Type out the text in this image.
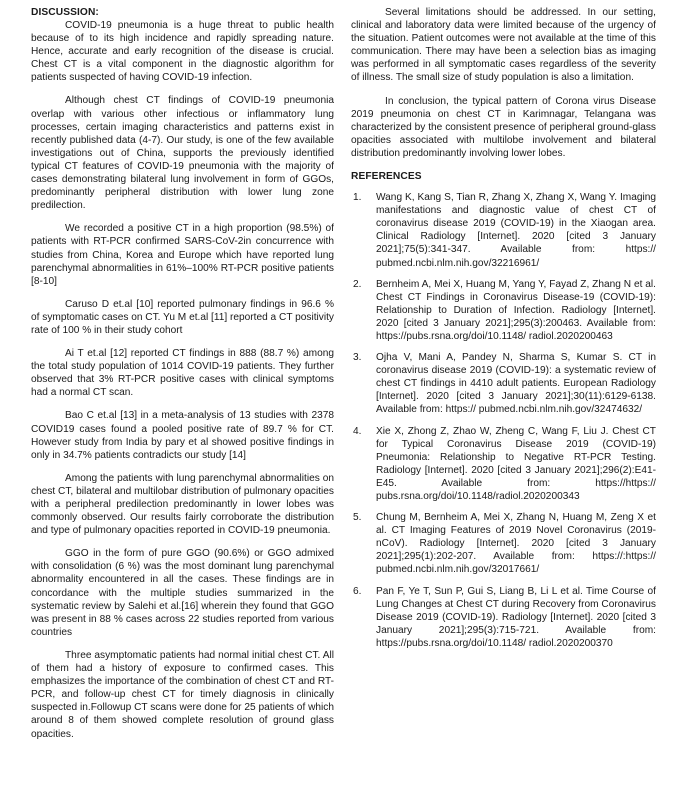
DISCUSSION:

COVID-19 pneumonia is a huge threat to public health because of to its high incidence and rapidly spreading nature. Hence, accurate and early recognition of the disease is crucial. Chest CT is a vital component in the diagnostic algorithm for patients suspected of having COVID-19 infection.

Although chest CT findings of COVID-19 pneumonia overlap with various other infectious or inflammatory lung processes, certain imaging characteristics and patterns exist in recently published data (4-7). Our study, is one of the few available investigations out of China, supports the previously identified typical CT features of COVID-19 pneumonia with the majority of cases demonstrating bilateral lung involvement in form of GGOs, predominantly peripheral distribution with lower lung zone predilection.

We recorded a positive CT in a high proportion (98.5%) of patients with RT-PCR confirmed SARS-CoV-2in concurrence with studies from China, Korea and Europe which have reported lung parenchymal abnormalities in 61%–100% RT-PCR positive patients [8-10]

Caruso D et.al [10] reported pulmonary findings in 96.6 % of symptomatic cases on CT. Yu M et.al [11] reported a CT positivity rate of 100 % in their study cohort

Ai T et.al [12] reported CT findings in 888 (88.7 %) among the total study population of 1014 COVID-19 patients. They further observed that 3% RT-PCR positive cases with clinical symptoms had a normal CT scan.

Bao C et.al [13] in a meta-analysis of 13 studies with 2378 COVID19 cases found a pooled positive rate of 89.7 % for CT. However study from India by pary et al showed positive findings in only in 34.7% patients contradicts our study [14]

Among the patients with lung parenchymal abnormalities on chest CT, bilateral and multilobar distribution of pulmonary opacities with a peripheral predilection predominantly in lower lobes was commonly observed. Our results fairly corroborate the distribution and type of pulmonary opacities reported in COVID-19 pneumonia.

GGO in the form of pure GGO (90.6%) or GGO admixed with consolidation (6 %) was the most dominant lung parenchymal abnormality encountered in all the cases. These findings are in concordance with the multiple studies summarized in the systematic review by Salehi et al.[16] wherein they found that GGO was present in 88 % cases across 22 studies reported from various countries

Three asymptomatic patients had normal initial chest CT. All of them had a history of exposure to confirmed cases. This emphasizes the importance of the combination of chest CT and RT-PCR, and follow-up chest CT for timely diagnosis in clinically suspected in.Followup CT scans were done for 25 patients of which around 8 of them showed complete resolution of ground glass opacities.

Several limitations should be addressed. In our setting, clinical and laboratory data were limited because of the urgency of the situation. Patient outcomes were not available at the time of this communication. There may have been a selection bias as imaging was performed in all symptomatic cases regardless of the severity of illness. The small size of study population is also a limitation.

In conclusion, the typical pattern of Corona virus Disease 2019 pneumonia on chest CT in Karimnagar, Telangana was characterized by the consistent presence of peripheral ground-glass opacities associated with multilobe involvement and bilateral distribution predominantly involving lower lobes.

REFERENCES
1. Wang K, Kang S, Tian R, Zhang X, Zhang X, Wang Y. Imaging manifestations and diagnostic value of chest CT of coronavirus disease 2019 (COVID-19) in the Xiaogan area. Clinical Radiology [Internet]. 2020 [cited 3 January 2021];75(5):341-347. Available from: https:// pubmed.ncbi.nlm.nih.gov/32216961/
2. Bernheim A, Mei X, Huang M, Yang Y, Fayad Z, Zhang N et al. Chest CT Findings in Coronavirus Disease-19 (COVID-19): Relationship to Duration of Infection. Radiology [Internet]. 2020 [cited 3 January 2021];295(3):200463. Available from: https://pubs.rsna.org/doi/10.1148/ radiol.2020200463
3. Ojha V, Mani A, Pandey N, Sharma S, Kumar S. CT in coronavirus disease 2019 (COVID-19): a systematic review of chest CT findings in 4410 adult patients. European Radiology [Internet]. 2020 [cited 3 January 2021];30(11):6129-6138. Available from: https:// pubmed.ncbi.nlm.nih.gov/32474632/
4. Xie X, Zhong Z, Zhao W, Zheng C, Wang F, Liu J. Chest CT for Typical Coronavirus Disease 2019 (COVID-19) Pneumonia: Relationship to Negative RT-PCR Testing. Radiology [Internet]. 2020 [cited 3 January 2021];296(2):E41-E45. Available from: https://https:// pubs.rsna.org/doi/10.1148/radiol.2020200343
5. Chung M, Bernheim A, Mei X, Zhang N, Huang M, Zeng X et al. CT Imaging Features of 2019 Novel Coronavirus (2019-nCoV). Radiology [Internet]. 2020 [cited 3 January 2021];295(1):202-207. Available from: https://:https:// pubmed.ncbi.nlm.nih.gov/32017661/
6. Pan F, Ye T, Sun P, Gui S, Liang B, Li L et al. Time Course of Lung Changes at Chest CT during Recovery from Coronavirus Disease 2019 (COVID-19). Radiology [Internet]. 2020 [cited 3 January 2021];295(3):715-721. Available from: https://pubs.rsna.org/doi/10.1148/ radiol.2020200370
